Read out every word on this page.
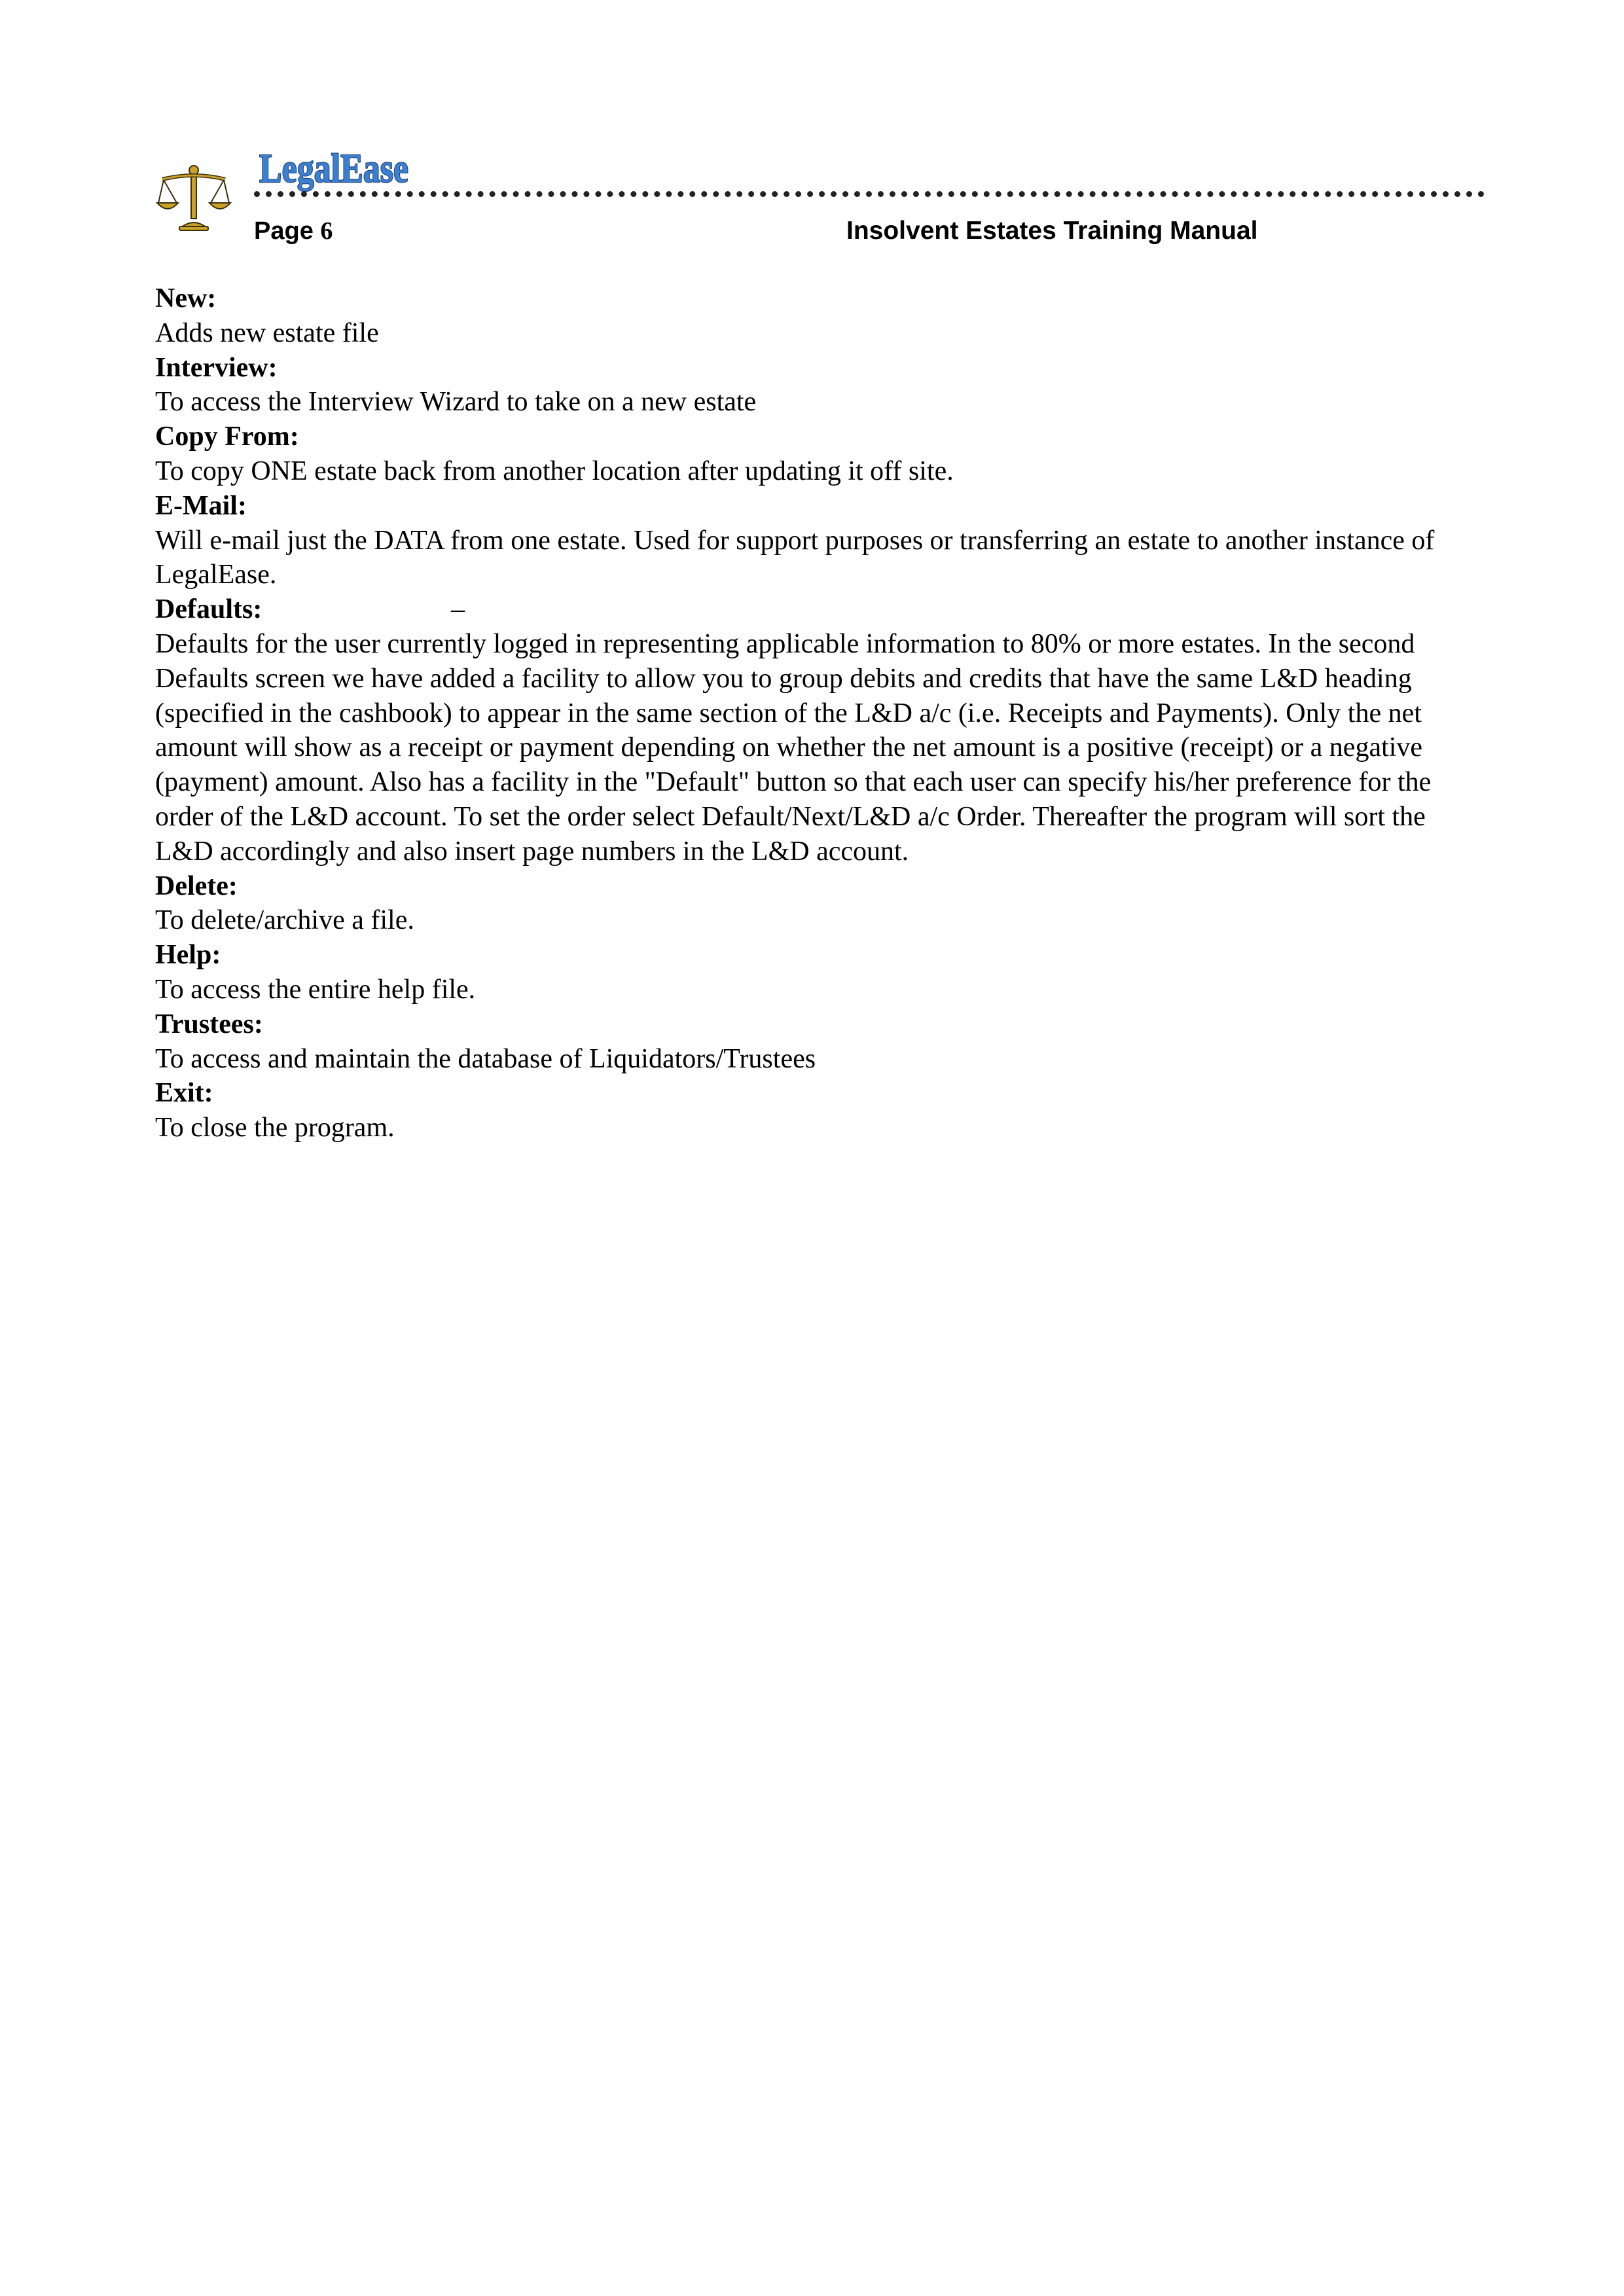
LegalEase
Page 6	Insolvent Estates Training Manual

New:

Adds new estate file

Interview:

To access the Interview Wizard to take on a new estate

Copy From:

To copy ONE estate back from another location after updating it off site.

E-Mail:

Will e-mail just the DATA from one estate. Used for support purposes or transferring an estate to another instance of LegalEase.

Defaults:	–

Defaults for the user currently logged in representing applicable information to 80% or more estates. In the second Defaults screen we have added a facility to allow you to group debits and credits that have the same L&D heading (specified in the cashbook) to appear in the same section of the L&D a/c (i.e. Receipts and Payments). Only the net amount will show as a receipt or payment depending on whether the net amount is a positive (receipt) or a negative (payment) amount. Also has a facility in the "Default" button so that each user can specify his/her preference for the order of the L&D account. To set the order select Default/Next/L&D a/c Order. Thereafter the program will sort the L&D accordingly and also insert page numbers in the L&D account.

Delete:

To delete/archive a file.

Help:

To access the entire help file.

Trustees:

To access and maintain the database of Liquidators/Trustees

Exit:

To close the program.
